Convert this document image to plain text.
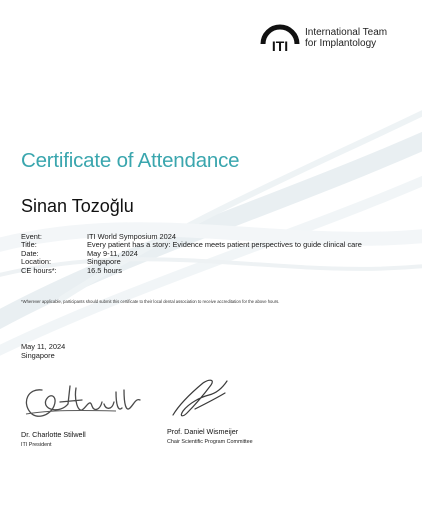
ITI
International Team
for Implantology
Certificate of Attendance
Sinan Tozoğlu
Event:	ITI World Symposium 2024
Title:	Every patient has a story: Evidence meets patient perspectives to guide clinical care
Date:	May 9-11, 2024
Location:	Singapore
CE hours*:	16.5 hours
*Wherever applicable, participants should submit this certificate to their local dental association to receive accreditation for the above hours.
May 11, 2024
Singapore
Dr. Charlotte Stilwell
ITI President
Prof. Daniel Wismeijer
Chair Scientific Program Committee
